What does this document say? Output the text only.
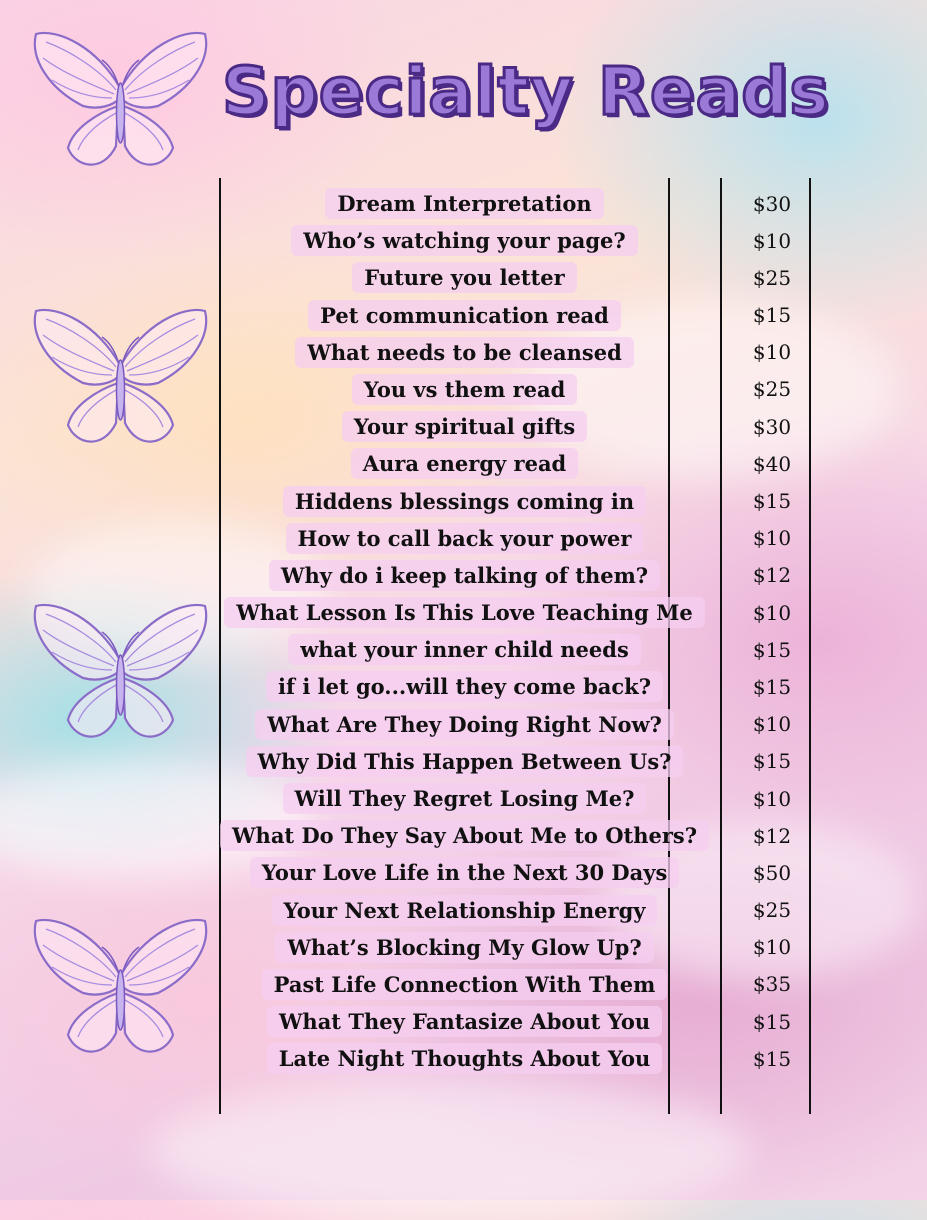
Specialty Reads
Dream Interpretation	$30
Who’s watching your page?	$10
Future you letter	$25
Pet communication read	$15
What needs to be cleansed	$10
You vs them read	$25
Your spiritual gifts	$30
Aura energy read	$40
Hiddens blessings coming in	$15
How to call back your power	$10
Why do i keep talking of them?	$12
What Lesson Is This Love Teaching Me	$10
what your inner child needs	$15
if i let go...will they come back?	$15
What Are They Doing Right Now?	$10
Why Did This Happen Between Us?	$15
Will They Regret Losing Me?	$10
What Do They Say About Me to Others?	$12
Your Love Life in the Next 30 Days	$50
Your Next Relationship Energy	$25
What’s Blocking My Glow Up?	$10
Past Life Connection With Them	$35
What They Fantasize About You	$15
Late Night Thoughts About You	$15
